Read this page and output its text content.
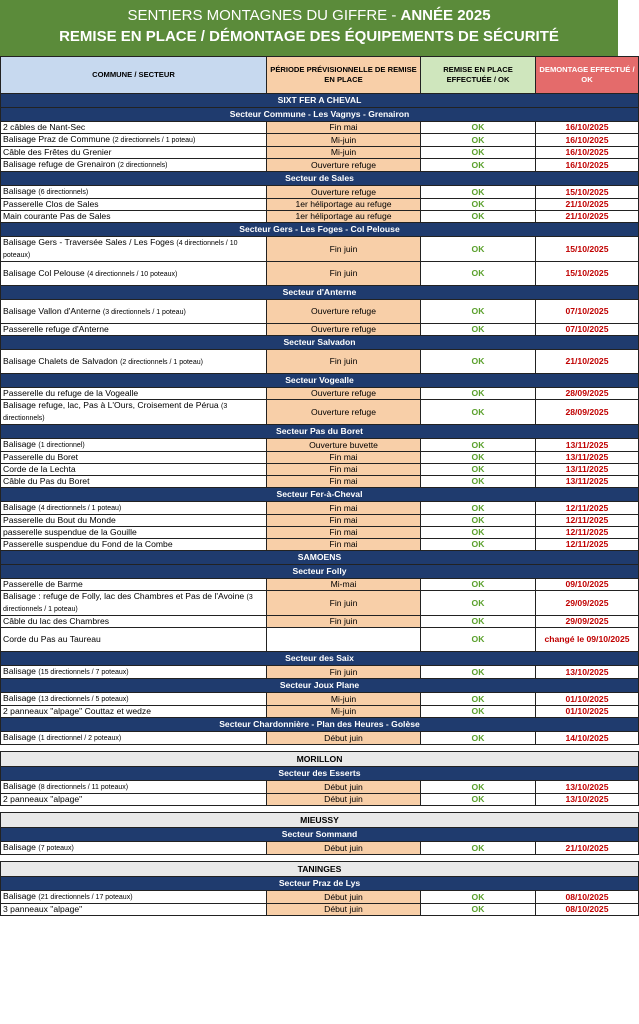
SENTIERS MONTAGNES DU GIFFRE - ANNÉE 2025
REMISE EN PLACE / DÉMONTAGE DES ÉQUIPEMENTS DE SÉCURITÉ
COMMUNE / SECTEUR	PÉRIODE PRÉVISIONNELLE DE REMISE EN PLACE	REMISE EN PLACE EFFECTUÉE / OK	DEMONTAGE EFFECTUÉ / OK
SIXT FER A CHEVAL			
Secteur Commune - Les Vagnys - Grenairon			
2 câbles de Nant-Sec	Fin mai	OK	16/10/2025
Balisage Praz de Commune (2 directionnels / 1 poteau)	Mi-juin	OK	16/10/2025
Câble des Frêtes du Grenier	Mi-juin	OK	16/10/2025
Balisage refuge de Grenairon (2 directionnels)	Ouverture refuge	OK	16/10/2025
Secteur de Sales			
Balisage (6 directionnels)	Ouverture refuge	OK	15/10/2025
Passerelle Clos de Sales	1er héliportage au refuge	OK	21/10/2025
Main courante Pas de Sales	1er héliportage au refuge	OK	21/10/2025
Secteur Gers - Les Foges - Col Pelouse			
Balisage Gers - Traversée Sales / Les Foges (4 directionnels / 10 poteaux)	Fin juin	OK	15/10/2025
Balisage Col Pelouse (4 directionnels / 10 poteaux)	Fin juin	OK	15/10/2025
Secteur d'Anterne			
Balisage Vallon d'Anterne (3 directionnels / 1 poteau)	Ouverture refuge	OK	07/10/2025
Passerelle refuge d'Anterne	Ouverture refuge	OK	07/10/2025
Secteur Salvadon			
Balisage Chalets de Salvadon (2 directionnels / 1 poteau)	Fin juin	OK	21/10/2025
Secteur Vogealle			
Passerelle du refuge de la Vogealle	Ouverture refuge	OK	28/09/2025
Balisage refuge, lac, Pas à L'Ours, Croisement de Pérua (3 directionnels)	Ouverture refuge	OK	28/09/2025
Secteur Pas du Boret			
Balisage (1 directionnel)	Ouverture buvette	OK	13/11/2025
Passerelle du Boret	Fin mai	OK	13/11/2025
Corde de la Lechta	Fin mai	OK	13/11/2025
Câble du Pas du Boret	Fin mai	OK	13/11/2025
Secteur Fer-à-Cheval			
Balisage (4 directionnels / 1 poteau)	Fin mai	OK	12/11/2025
Passerelle du Bout du Monde	Fin mai	OK	12/11/2025
passerelle suspendue de la Gouille	Fin mai	OK	12/11/2025
Passerelle suspendue du Fond de la Combe	Fin mai	OK	12/11/2025
SAMOENS			
Secteur Folly			
Passerelle de Barme	Mi-mai	OK	09/10/2025
Balisage : refuge de Folly, lac des Chambres et Pas de l'Avoine (3 directionnels / 1 poteau)	Fin juin	OK	29/09/2025
Câble du lac des Chambres	Fin juin	OK	29/09/2025
Corde du Pas au Taureau		OK	changé le 09/10/2025
Secteur des Saix			
Balisage (15 directionnels / 7 poteaux)	Fin juin	OK	13/10/2025
Secteur Joux Plane			
Balisage (13 directionnels / 5 poteaux)	Mi-juin	OK	01/10/2025
2 panneaux "alpage" Couttaz et wedze	Mi-juin	OK	01/10/2025
Secteur Chardonnière - Plan des Heures - Golèse			
Balisage (1 directionnel / 2 poteaux)	Début juin	OK	14/10/2025

MORILLON			
Secteur des Esserts			
Balisage (8 directionnels / 11 poteaux)	Début juin	OK	13/10/2025
2 panneaux "alpage"	Début juin	OK	13/10/2025

MIEUSSY			
Secteur Sommand			
Balisage (7 poteaux)	Début juin	OK	21/10/2025

TANINGES			
Secteur Praz de Lys			
Balisage (21 directionnels / 17 poteaux)	Début juin	OK	08/10/2025
3 panneaux "alpage"	Début juin	OK	08/10/2025
